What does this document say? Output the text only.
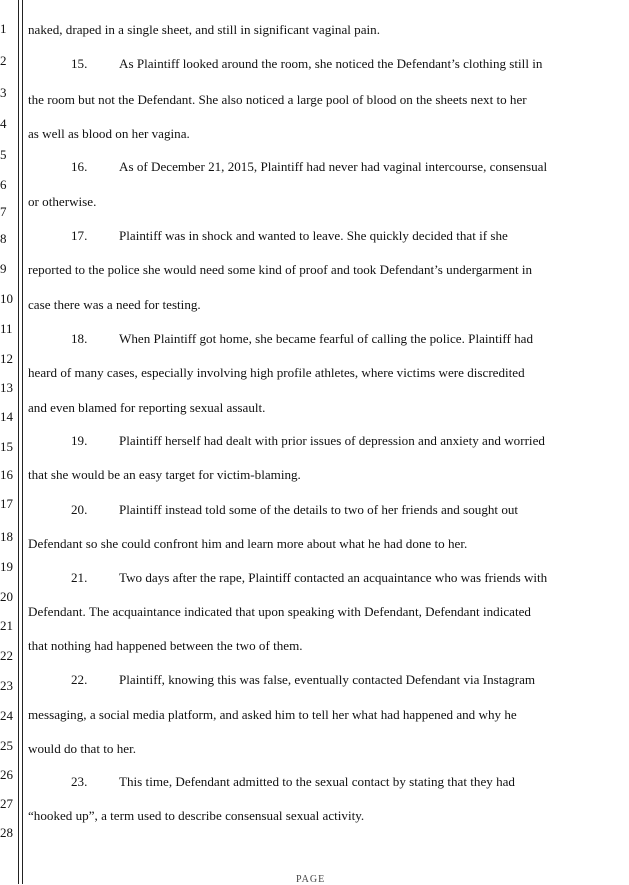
1
2
3
4
5
6
7
8
9
10
11
12
13
14
15
16
17
18
19
20
21
22
23
24
25
26
27
28
naked, draped in a single sheet, and still in significant vaginal pain.
15. As Plaintiff looked around the room, she noticed the Defendant’s clothing still in
the room but not the Defendant. She also noticed a large pool of blood on the sheets next to her
as well as blood on her vagina.
16. As of December 21, 2015, Plaintiff had never had vaginal intercourse, consensual
or otherwise.
17. Plaintiff was in shock and wanted to leave. She quickly decided that if she
reported to the police she would need some kind of proof and took Defendant’s undergarment in
case there was a need for testing.
18. When Plaintiff got home, she became fearful of calling the police. Plaintiff had
heard of many cases, especially involving high profile athletes, where victims were discredited
and even blamed for reporting sexual assault.
19. Plaintiff herself had dealt with prior issues of depression and anxiety and worried
that she would be an easy target for victim-blaming.
20. Plaintiff instead told some of the details to two of her friends and sought out
Defendant so she could confront him and learn more about what he had done to her.
21. Two days after the rape, Plaintiff contacted an acquaintance who was friends with
Defendant. The acquaintance indicated that upon speaking with Defendant, Defendant indicated
that nothing had happened between the two of them.
22. Plaintiff, knowing this was false, eventually contacted Defendant via Instagram
messaging, a social media platform, and asked him to tell her what had happened and why he
would do that to her.
23. This time, Defendant admitted to the sexual contact by stating that they had
“hooked up”, a term used to describe consensual sexual activity.
PAGE
